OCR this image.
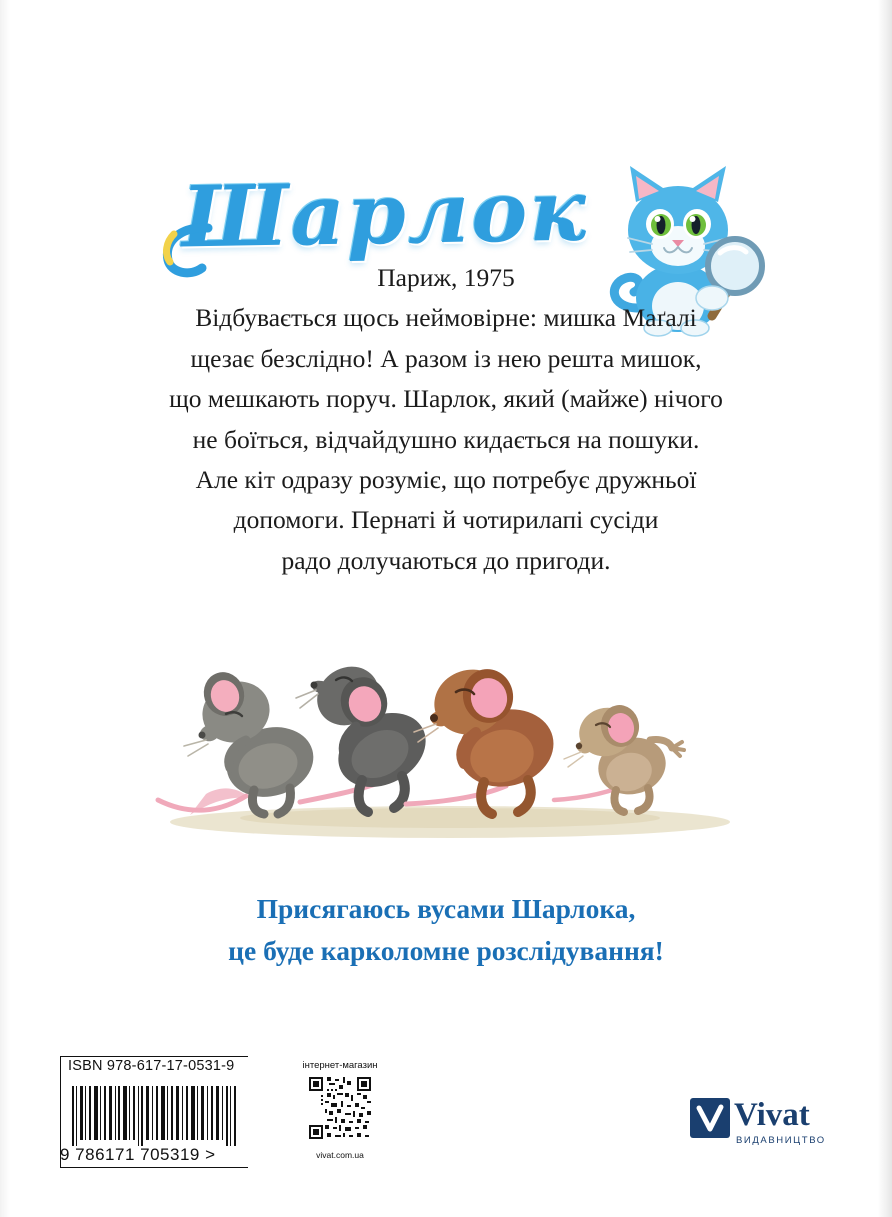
Шарлок
Париж, 1975
Відбувається щось неймовірне: мишка Маґалі
щезає безслідно! А разом із нею решта мишок,
що мешкають поруч. Шарлок, який (майже) нічого
не боїться, відчайдушно кидається на пошуки.
Але кіт одразу розуміє, що потребує дружньої
допомоги. Пернаті й чотирилапі сусіди
радо долучаються до пригоди.
Присягаюсь вусами Шарлока,
це буде карколомне розслідування!
ISBN 978-617-17-0531-9
9 786171 705319 >
інтернет-магазин
vivat.com.ua
Vivat
ВИДАВНИЦТВО
